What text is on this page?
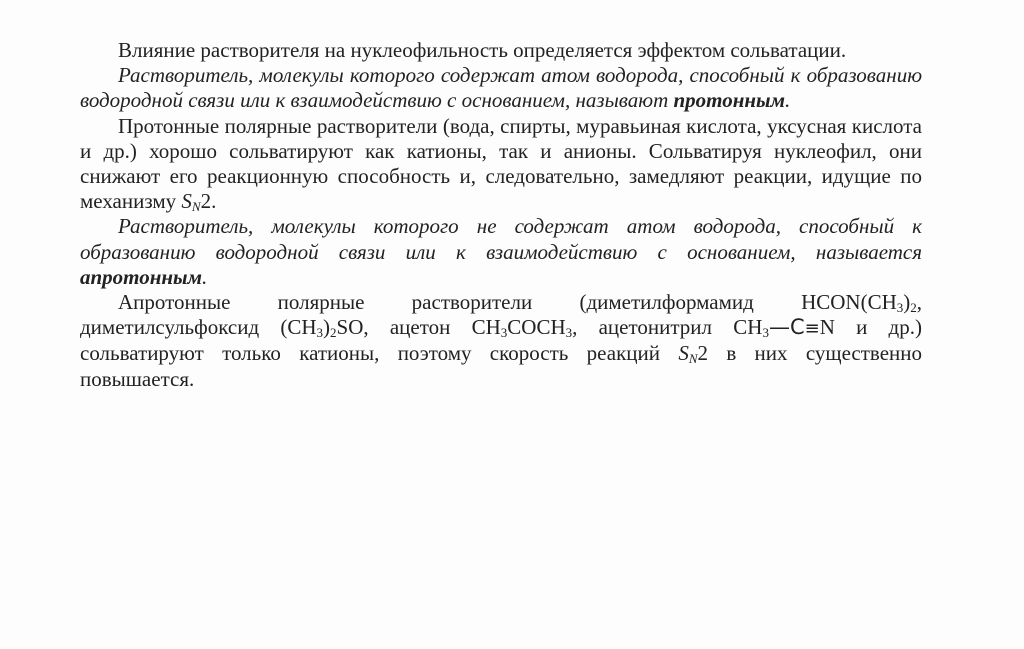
Влияние растворителя на нуклеофильность определяется эффектом сольватации.

Растворитель, молекулы которого содержат атом водорода, способный к образованию водородной связи или к взаимодействию с основанием, называют протонным.

Протонные полярные растворители (вода, спирты, муравьиная кислота, уксусная кислота и др.) хорошо сольватируют как катионы, так и анионы. Сольватируя нуклеофил, они снижают его реакционную способность и, следовательно, замедляют реакции, идущие по механизму $S_N2$.

Растворитель, молекулы которого не содержат атом водорода, способный к образованию водородной связи или к взаимодействию с основанием, называется апротонным.

Апротонные полярные растворители (диметилформамид $HCON(CH_3)_2$, диметилсульфоксид $(CH_3)_2SO$, ацетон $CH_3COCH_3$, ацетонитрил $CH_3—C\equiv N$ и др.) сольватируют только катионы, поэтому скорость реакций $S_N2$ в них существенно повышается.
